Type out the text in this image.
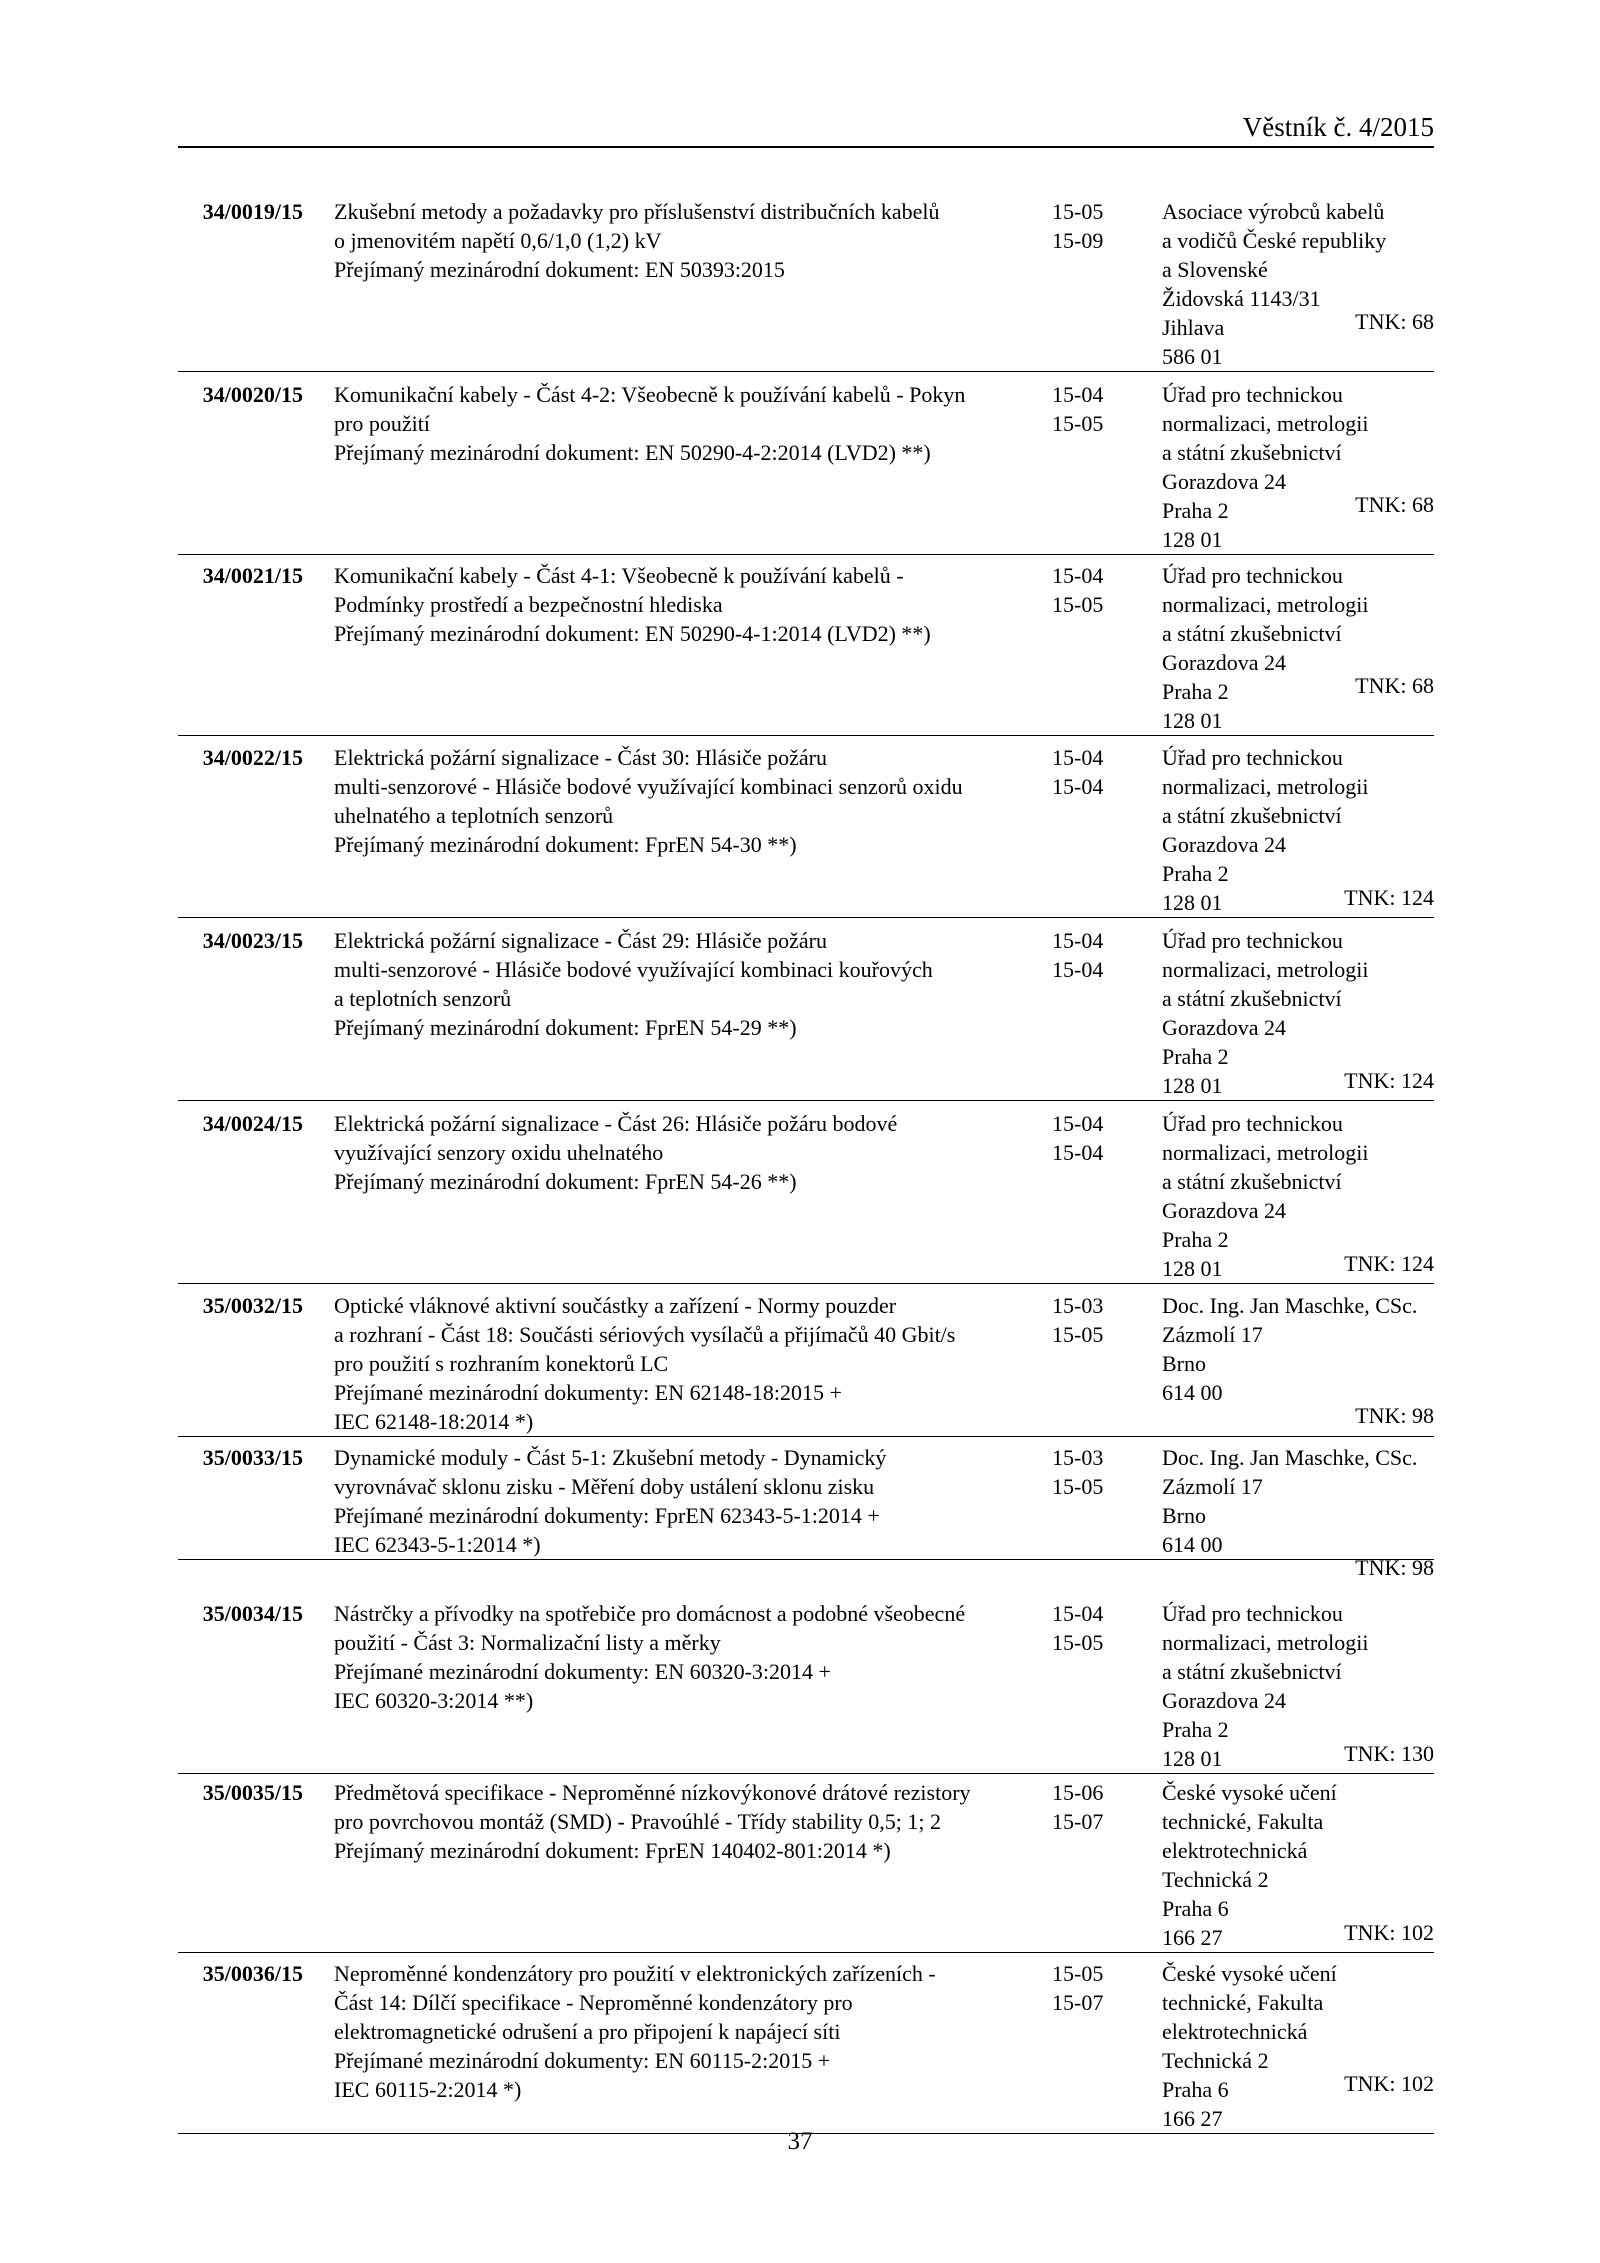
Věstník č. 4/2015
34/0019/15
TNK: 68
Zkušební metody a požadavky pro příslušenství distribučních kabelů
o jmenovitém napětí 0,6/1,0 (1,2) kV
Přejímaný mezinárodní dokument: EN 50393:2015
15-05
15-09
Asociace výrobců kabelů
a vodičů České republiky
a Slovenské
Židovská 1143/31
Jihlava
586 01
34/0020/15
TNK: 68
Komunikační kabely - Část 4-2: Všeobecně k používání kabelů - Pokyn
pro použití
Přejímaný mezinárodní dokument: EN 50290-4-2:2014 (LVD2) **)
15-04
15-05
Úřad pro technickou
normalizaci, metrologii
a státní zkušebnictví
Gorazdova 24
Praha 2
128 01
34/0021/15
TNK: 68
Komunikační kabely - Část 4-1: Všeobecně k používání kabelů -
Podmínky prostředí a bezpečnostní hlediska
Přejímaný mezinárodní dokument: EN 50290-4-1:2014 (LVD2) **)
15-04
15-05
Úřad pro technickou
normalizaci, metrologii
a státní zkušebnictví
Gorazdova 24
Praha 2
128 01
34/0022/15
TNK: 124
Elektrická požární signalizace - Část 30: Hlásiče požáru
multi-senzorové - Hlásiče bodové využívající kombinaci senzorů oxidu
uhelnatého a teplotních senzorů
Přejímaný mezinárodní dokument: FprEN 54-30 **)
15-04
15-04
Úřad pro technickou
normalizaci, metrologii
a státní zkušebnictví
Gorazdova 24
Praha 2
128 01
34/0023/15
TNK: 124
Elektrická požární signalizace - Část 29: Hlásiče požáru
multi-senzorové - Hlásiče bodové využívající kombinaci kouřových
a teplotních senzorů
Přejímaný mezinárodní dokument: FprEN 54-29 **)
15-04
15-04
Úřad pro technickou
normalizaci, metrologii
a státní zkušebnictví
Gorazdova 24
Praha 2
128 01
34/0024/15
TNK: 124
Elektrická požární signalizace - Část 26: Hlásiče požáru bodové
využívající senzory oxidu uhelnatého
Přejímaný mezinárodní dokument: FprEN 54-26 **)
15-04
15-04
Úřad pro technickou
normalizaci, metrologii
a státní zkušebnictví
Gorazdova 24
Praha 2
128 01
35/0032/15
TNK: 98
Optické vláknové aktivní součástky a zařízení - Normy pouzder
a rozhraní - Část 18: Součásti sériových vysílačů a přijímačů 40 Gbit/s
pro použití s rozhraním konektorů LC
Přejímané mezinárodní dokumenty: EN 62148-18:2015 +
IEC 62148-18:2014 *)
15-03
15-05
Doc. Ing. Jan Maschke, CSc.
Zázmolí 17
Brno
614 00
35/0033/15
TNK: 98
Dynamické moduly - Část 5-1: Zkušební metody - Dynamický
vyrovnávač sklonu zisku - Měření doby ustálení sklonu zisku
Přejímané mezinárodní dokumenty: FprEN 62343-5-1:2014 +
IEC 62343-5-1:2014 *)
15-03
15-05
Doc. Ing. Jan Maschke, CSc.
Zázmolí 17
Brno
614 00
35/0034/15
TNK: 130
Nástrčky a přívodky na spotřebiče pro domácnost a podobné všeobecné
použití - Část 3: Normalizační listy a měrky
Přejímané mezinárodní dokumenty: EN 60320-3:2014 +
IEC 60320-3:2014 **)
15-04
15-05
Úřad pro technickou
normalizaci, metrologii
a státní zkušebnictví
Gorazdova 24
Praha 2
128 01
35/0035/15
TNK: 102
Předmětová specifikace - Neproměnné nízkovýkonové drátové rezistory
pro povrchovou montáž (SMD) - Pravoúhlé - Třídy stability 0,5; 1; 2
Přejímaný mezinárodní dokument: FprEN 140402-801:2014 *)
15-06
15-07
České vysoké učení
technické, Fakulta
elektrotechnická
Technická 2
Praha 6
166 27
35/0036/15
TNK: 102
Neproměnné kondenzátory pro použití v elektronických zařízeních -
Část 14: Dílčí specifikace - Neproměnné kondenzátory pro
elektromagnetické odrušení a pro připojení k napájecí síti
Přejímané mezinárodní dokumenty: EN 60115-2:2015 +
IEC 60115-2:2014 *)
15-05
15-07
České vysoké učení
technické, Fakulta
elektrotechnická
Technická 2
Praha 6
166 27
37
